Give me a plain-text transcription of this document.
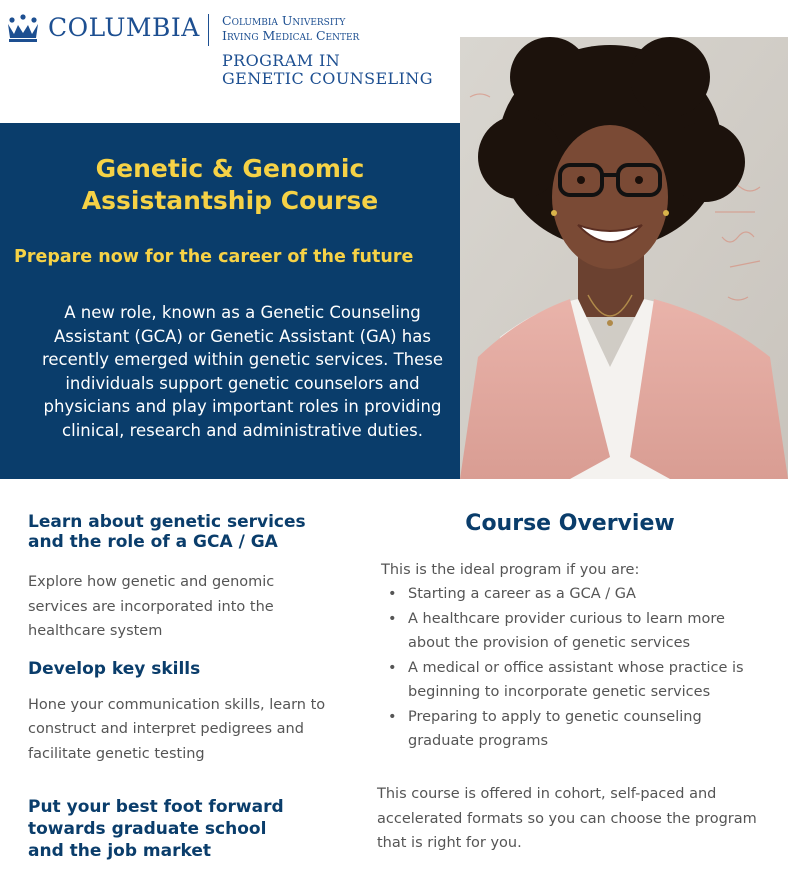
COLUMBIA Columbia University
Irving Medical Center
PROGRAM IN
GENETIC COUNSELING
Genetic & Genomic
Assistantship Course
Prepare now for the career of the future
A new role, known as a Genetic Counseling Assistant (GCA) or Genetic Assistant (GA) has recently emerged within genetic services. These individuals support genetic counselors and physicians and play important roles in providing clinical, research and administrative duties.
Learn about genetic services and the role of a GCA / GA
Explore how genetic and genomic services are incorporated into the healthcare system
Develop key skills
Hone your communication skills, learn to construct and interpret pedigrees and facilitate genetic testing
Put your best foot forward towards graduate school and the job market
Course Overview
This is the ideal program if you are:
• Starting a career as a GCA / GA
• A healthcare provider curious to learn more about the provision of genetic services
• A medical or office assistant whose practice is beginning to incorporate genetic services
• Preparing to apply to genetic counseling graduate programs
This course is offered in cohort, self-paced and accelerated formats so you can choose the program that is right for you.
